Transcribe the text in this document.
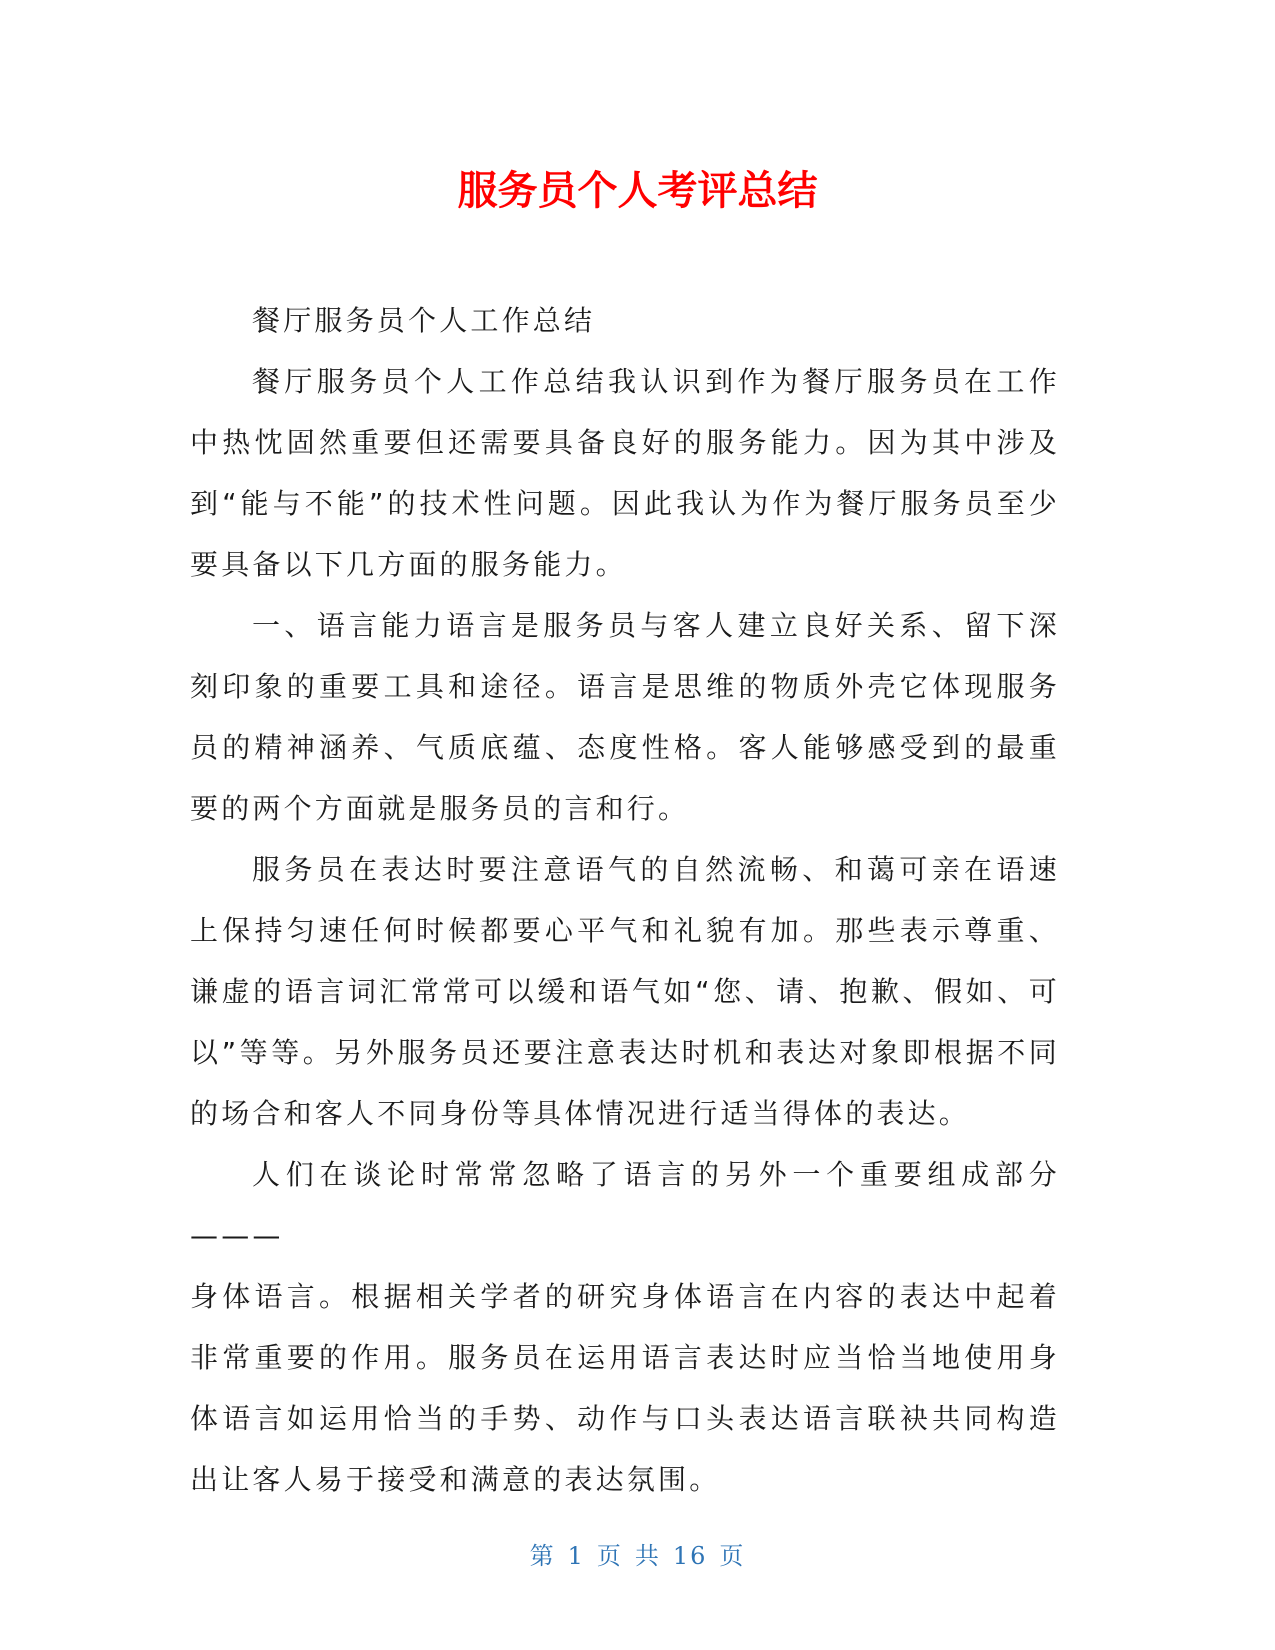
服务员个人考评总结

餐厅服务员个人工作总结

餐厅服务员个人工作总结我认识到作为餐厅服务员在工作中热忱固然重要但还需要具备良好的服务能力。因为其中涉及到“能与不能”的技术性问题。因此我认为作为餐厅服务员至少要具备以下几方面的服务能力。

一、语言能力语言是服务员与客人建立良好关系、留下深刻印象的重要工具和途径。语言是思维的物质外壳它体现服务员的精神涵养、气质底蕴、态度性格。客人能够感受到的最重要的两个方面就是服务员的言和行。

服务员在表达时要注意语气的自然流畅、和蔼可亲在语速上保持匀速任何时候都要心平气和礼貌有加。那些表示尊重、谦虚的语言词汇常常可以缓和语气如“您、请、抱歉、假如、可以”等等。另外服务员还要注意表达时机和表达对象即根据不同的场合和客人不同身份等具体情况进行适当得体的表达。

人们在谈论时常常忽略了语言的另外一个重要组成部分———

身体语言。根据相关学者的研究身体语言在内容的表达中起着非常重要的作用。服务员在运用语言表达时应当恰当地使用身体语言如运用恰当的手势、动作与口头表达语言联袂共同构造出让客人易于接受和满意的表达氛围。

第 1 页 共 16 页
